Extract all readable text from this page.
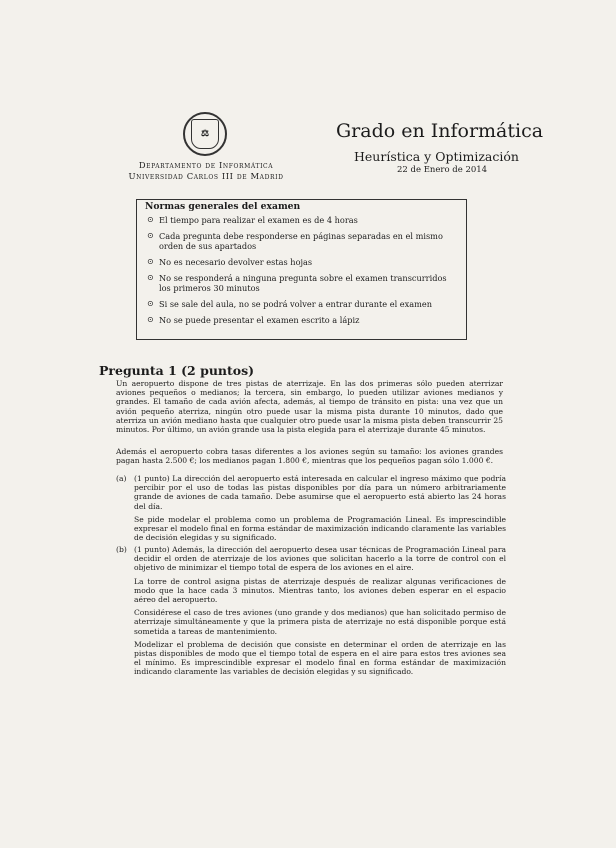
⚖
Departamento de Informática
Universidad Carlos III de Madrid
Grado en Informática
Heurística y Optimización
22 de Enero de 2014
Normas generales del examen
⊙ El tiempo para realizar el examen es de 4 horas
⊙ Cada pregunta debe responderse en páginas separadas en el mismo orden de sus apartados
⊙ No es necesario devolver estas hojas
⊙ No se responderá a ninguna pregunta sobre el examen transcurridos los primeros 30 minutos
⊙ Si se sale del aula, no se podrá volver a entrar durante el examen
⊙ No se puede presentar el examen escrito a lápiz
Pregunta 1 (2 puntos)
Un aeropuerto dispone de tres pistas de aterrizaje. En las dos primeras sólo pueden aterrizar aviones pequeños o medianos; la tercera, sin embargo, lo pueden utilizar aviones medianos y grandes. El tamaño de cada avión afecta, además, al tiempo de tránsito en pista: una vez que un avión pequeño aterriza, ningún otro puede usar la misma pista durante 10 minutos, dado que aterriza un avión mediano hasta que cualquier otro puede usar la misma pista deben transcurrir 25 minutos. Por último, un avión grande usa la pista elegida para el aterrizaje durante 45 minutos.
Además el aeropuerto cobra tasas diferentes a los aviones según su tamaño: los aviones grandes pagan hasta 2.500 €; los medianos pagan 1.800 €, mientras que los pequeños pagan sólo 1.000 €.
(a) (1 punto) La dirección del aeropuerto está interesada en calcular el ingreso máximo que podría percibir por el uso de todas las pistas disponibles por día para un número arbitrariamente grande de aviones de cada tamaño. Debe asumirse que el aeropuerto está abierto las 24 horas del día.

Se pide modelar el problema como un problema de Programación Lineal. Es imprescindible expresar el modelo final en forma estándar de maximización indicando claramente las variables de decisión elegidas y su significado.

(b) (1 punto) Además, la dirección del aeropuerto desea usar técnicas de Programación Lineal para decidir el orden de aterrizaje de los aviones que solicitan hacerlo a la torre de control con el objetivo de minimizar el tiempo total de espera de los aviones en el aire.

La torre de control asigna pistas de aterrizaje después de realizar algunas verificaciones de modo que la hace cada 3 minutos. Mientras tanto, los aviones deben esperar en el espacio aéreo del aeropuerto.

Considérese el caso de tres aviones (uno grande y dos medianos) que han solicitado permiso de aterrizaje simultáneamente y que la primera pista de aterrizaje no está disponible porque está sometida a tareas de mantenimiento.

Modelizar el problema de decisión que consiste en determinar el orden de aterrizaje en las pistas disponibles de modo que el tiempo total de espera en el aire para estos tres aviones sea el mínimo. Es imprescindible expresar el modelo final en forma estándar de maximización indicando claramente las variables de decisión elegidas y su significado.
